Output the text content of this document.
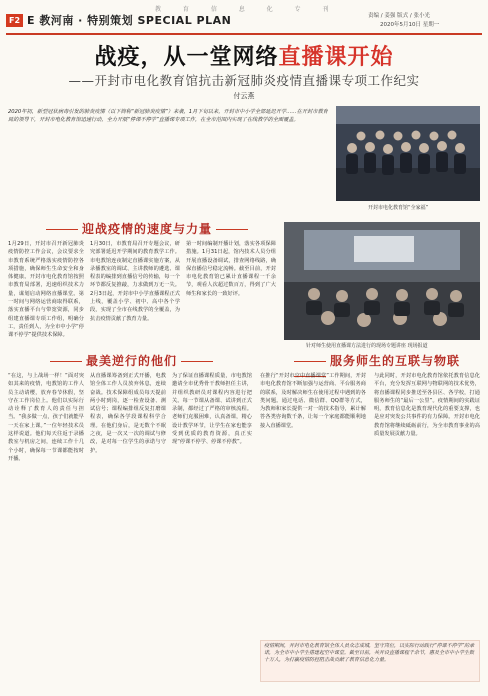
F2 E 教河南 · 特别策划 SPECIAL PLAN
教 育 信 息 化 专 刊
责编 / 姜强 版式 / 张小光
2020年5月10日 星期一
战疫，从一堂网络直播课开始
——开封市电化教育馆抗击新冠肺炎疫情直播课专项工作纪实
付云燕
2020年初，新型冠状病毒引发的肺炎疫情（以下简称“新冠肺炎疫情”）来袭，1月下旬以来，开封市中小学全部延迟开学……在开封市教育局的领导下，开封市电化教育馆迅速行动，全力开展“停课不停学”直播课专项工作，在全市范围内实现了在线教学的全面覆盖。
开封市电化教育馆“全家福”
迎战疫情的速度与力量
1月29日，开封市召开新冠肺炎疫情防控工作会议，会议要求全市教育系统严格落实疫情防控各项措施，确保师生生命安全和身体健康。开封市电化教育馆按照市教育局部署，迅速组织技术力量，谋划启动网络直播课堂。第一时间与网络运营商取得联系，落实直播平台与带宽资源，同步组建直播课专项工作组，明确分工，责任到人，为全市中小学“停课不停学”提供技术保障。
1月30日，市教育局召开专题会议，研究部署延迟开学期间的教育教学工作。市电教馆连夜制定直播课实施方案，从录播教室的调试、主讲教师的遴选、课程表的编排到直播信号的传输，每一个环节都反复推敲，力求做到万无一失。2月3日起，开封市中小学直播课程正式上线，覆盖小学、初中、高中各个学段，实现了全市在线教学的全覆盖，为抗击疫情贡献了教育力量。
第一时间编制开播计划，落实各项保障措施。1月31日起，馆内技术人员分组开展直播设备调试，排查网络线路，确保直播信号稳定流畅。截至目前，开封市电化教育馆已累计直播课程一千余节，观看人次超过数百万，得到了广大师生和家长的一致好评。
针对师生使用直播课方法进行的现场专题讲座 现场报道
最美逆行的他们	服务师生的互联与物联
“在这，与上战场一样！”面对突如其来的疫情，电教馆的工作人员主动请缨，放弃春节休假，坚守在工作岗位上。他们以实际行动诠释了教育人的责任与担当。“我多做一点，孩子们就能早一天在家上课。”一位年轻技术员这样说道。他们每天往返于录播教室与机房之间，连续工作十几个小时，确保每一节课都能按时开播。
从直播课筹备到正式开播，电教馆全体工作人员放弃休息，连续奋战。技术保障组成员每天提前两小时到岗，逐一检查设备、测试信号；课程编排组反复打磨课程表，确保各学段课程科学合理。在他们身后，是无数个不眠之夜，是一次又一次的调试与修改，是对每一位学生的承诺与守护。
为了保证直播课程质量，市电教馆邀请全市优秀骨干教师担任主讲，并组织教研员对课程内容进行把关。每一节课从备课、试讲到正式录制，都经过了严格的审核流程。老师们克服困难，认真备课，精心设计教学环节，让学生在家也能享受到优质的教育资源，真正实现“停课不停学、停课不停教”。
在推行“开封市空中直播课堂”工作期间，开封市电化教育馆不断加强与运营商、平台服务商的联系，及时解决师生在使用过程中遇到的各类问题。通过电话、微信群、QQ群等方式，为教师和家长提供一对一的技术指导，累计解答各类咨询数千条，让每一个家庭都能顺利地接入直播课堂。
与此同时，开封市电化教育馆依托教育信息化平台，充分发挥互联网与物联网的技术优势，将直播课程同步推送至各县区、各学校，打通服务师生的“最后一公里”。疫情期间的实践证明，教育信息化是教育现代化的重要支撑，也是应对突发公共事件的有力保障。开封市电化教育馆将继续砥砺前行，为全市教育事业的高质量发展贡献力量。
疫情期间，开封市电化教育馆全体人员众志成城，坚守岗位，以实际行动践行“停课不停学”的承诺，为全市中小学生搭建起空中课堂。截至目前，共开设直播课程千余节，惠及全市中小学生数十万人，为打赢疫情防控阻击战贡献了教育信息化力量。
